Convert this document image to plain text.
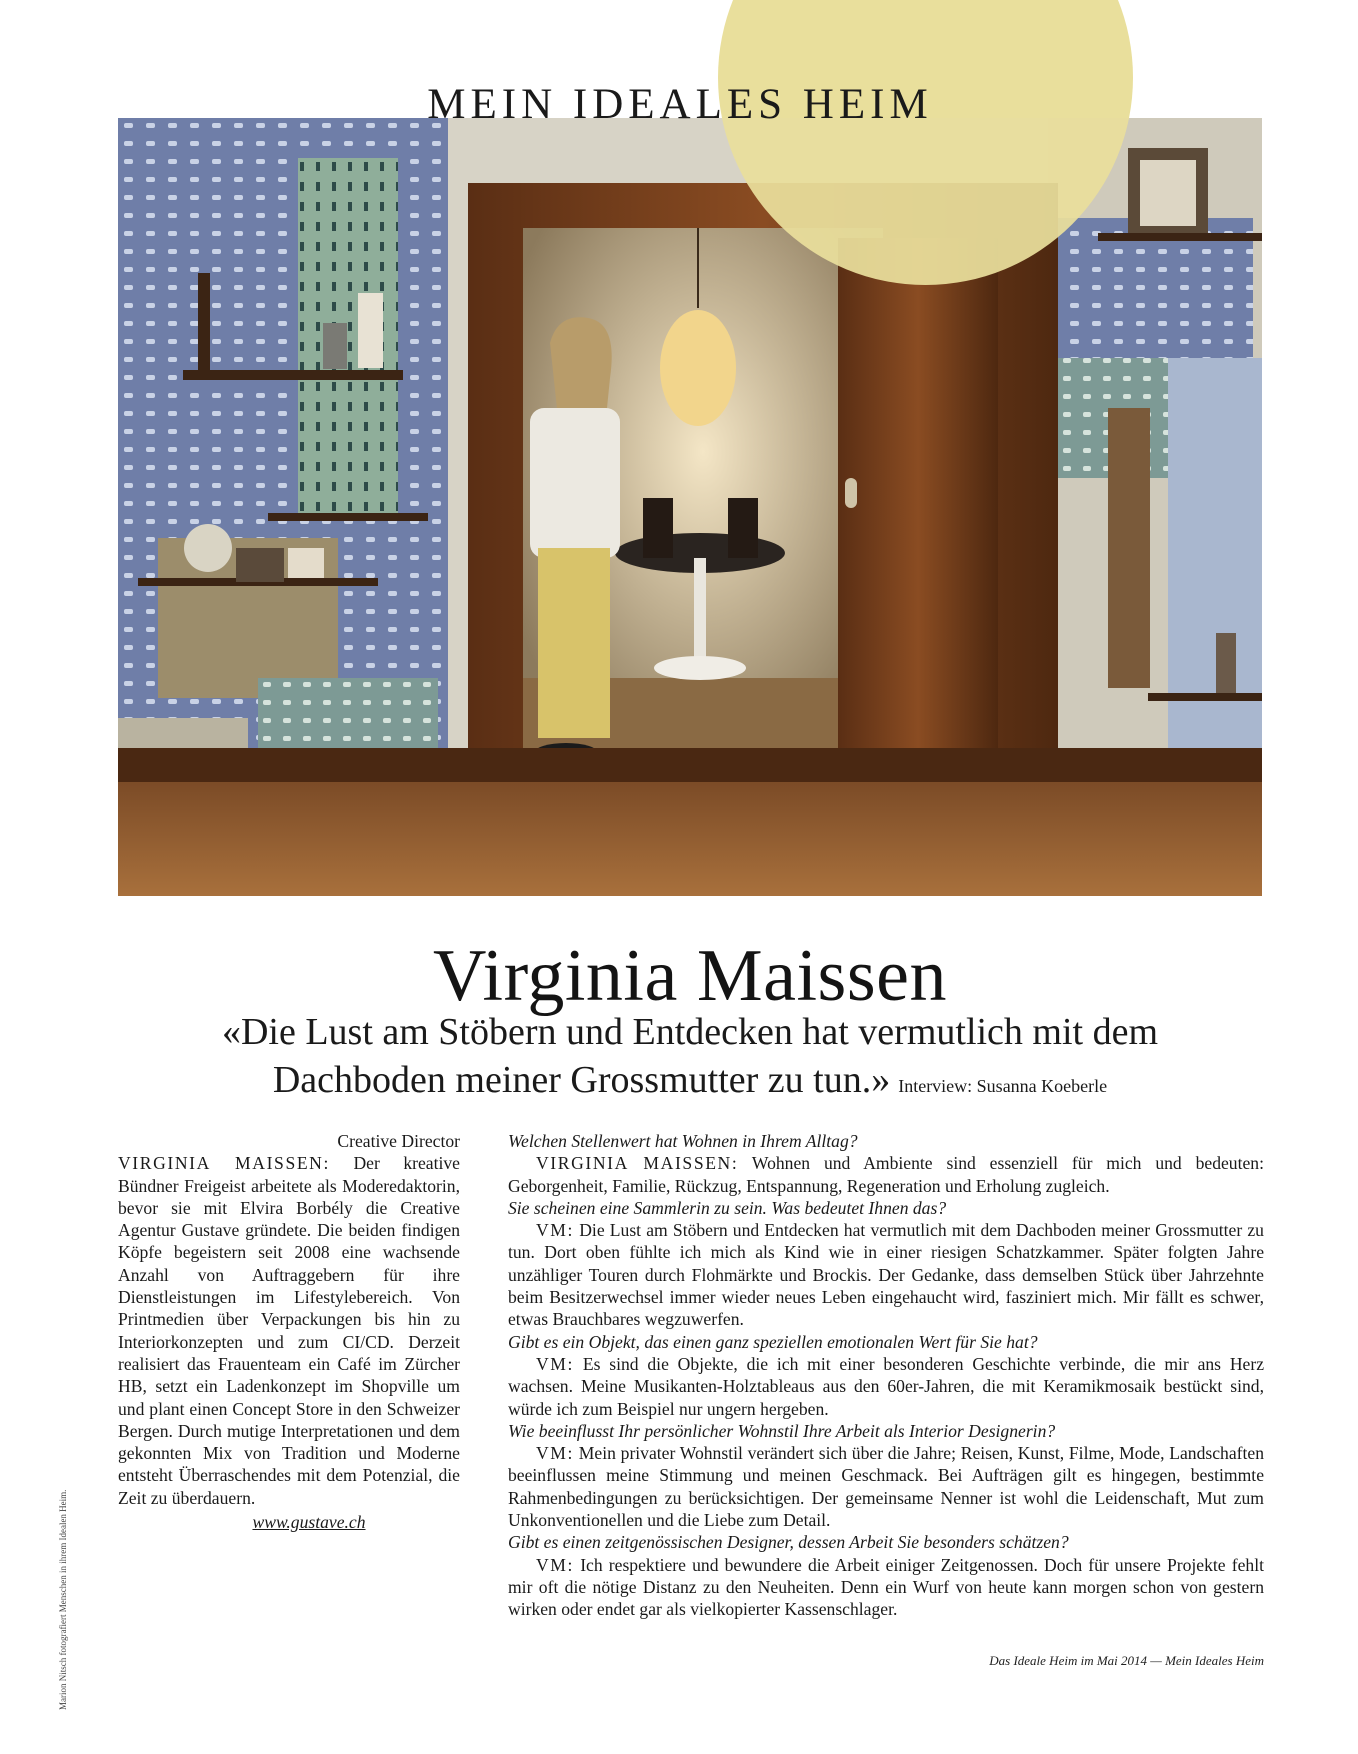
MEIN IDEALES HEIM
Marion Nitsch fotografiert Menschen in ihrem Idealen Heim.
Virginia Maissen
«Die Lust am Stöbern und Entdecken hat vermutlich mit dem Dachboden meiner Grossmutter zu tun.» Interview: Susanna Koeberle
Creative Director
VIRGINIA MAISSEN: Der kreative Bündner Freigeist arbeitete als Moderedaktorin, bevor sie mit Elvira Borbély die Creative Agentur Gustave gründete. Die beiden findigen Köpfe begeistern seit 2008 eine wachsende Anzahl von Auftraggebern für ihre Dienstleistungen im Lifestylebereich. Von Printmedien über Verpackungen bis hin zu Interiorkonzepten und zum CI/CD. Derzeit realisiert das Frauenteam ein Café im Zürcher HB, setzt ein Ladenkonzept im Shopville um und plant einen Concept Store in den Schweizer Bergen. Durch mutige Interpretationen und dem gekonnten Mix von Tradition und Moderne entsteht Überraschendes mit dem Potenzial, die Zeit zu überdauern.
www.gustave.ch

Welchen Stellenwert hat Wohnen in Ihrem Alltag?

VIRGINIA MAISSEN: Wohnen und Ambiente sind essenziell für mich und bedeuten: Geborgenheit, Familie, Rückzug, Entspannung, Regeneration und Erholung zugleich.

Sie scheinen eine Sammlerin zu sein. Was bedeutet Ihnen das?

VM: Die Lust am Stöbern und Entdecken hat vermutlich mit dem Dachboden meiner Grossmutter zu tun. Dort oben fühlte ich mich als Kind wie in einer riesigen Schatzkammer. Später folgten Jahre unzähliger Touren durch Flohmärkte und Brockis. Der Gedanke, dass demselben Stück über Jahrzehnte beim Besitzerwechsel immer wieder neues Leben eingehaucht wird, fasziniert mich. Mir fällt es schwer, etwas Brauchbares wegzuwerfen.

Gibt es ein Objekt, das einen ganz speziellen emotionalen Wert für Sie hat?

VM: Es sind die Objekte, die ich mit einer besonderen Geschichte verbinde, die mir ans Herz wachsen. Meine Musikanten-Holztableaus aus den 60er-Jahren, die mit Keramikmosaik bestückt sind, würde ich zum Beispiel nur ungern hergeben.

Wie beeinflusst Ihr persönlicher Wohnstil Ihre Arbeit als Interior Designerin?

VM: Mein privater Wohnstil verändert sich über die Jahre; Reisen, Kunst, Filme, Mode, Landschaften beeinflussen meine Stimmung und meinen Geschmack. Bei Aufträgen gilt es hingegen, bestimmte Rahmenbedingungen zu berücksichtigen. Der gemeinsame Nenner ist wohl die Leidenschaft, Mut zum Unkonventionellen und die Liebe zum Detail.

Gibt es einen zeitgenössischen Designer, dessen Arbeit Sie besonders schätzen?

VM: Ich respektiere und bewundere die Arbeit einiger Zeitgenossen. Doch für unsere Projekte fehlt mir oft die nötige Distanz zu den Neuheiten. Denn ein Wurf von heute kann morgen schon von gestern wirken oder endet gar als vielkopierter Kassenschlager.

Das Ideale Heim im Mai 2014 — Mein Ideales Heim
